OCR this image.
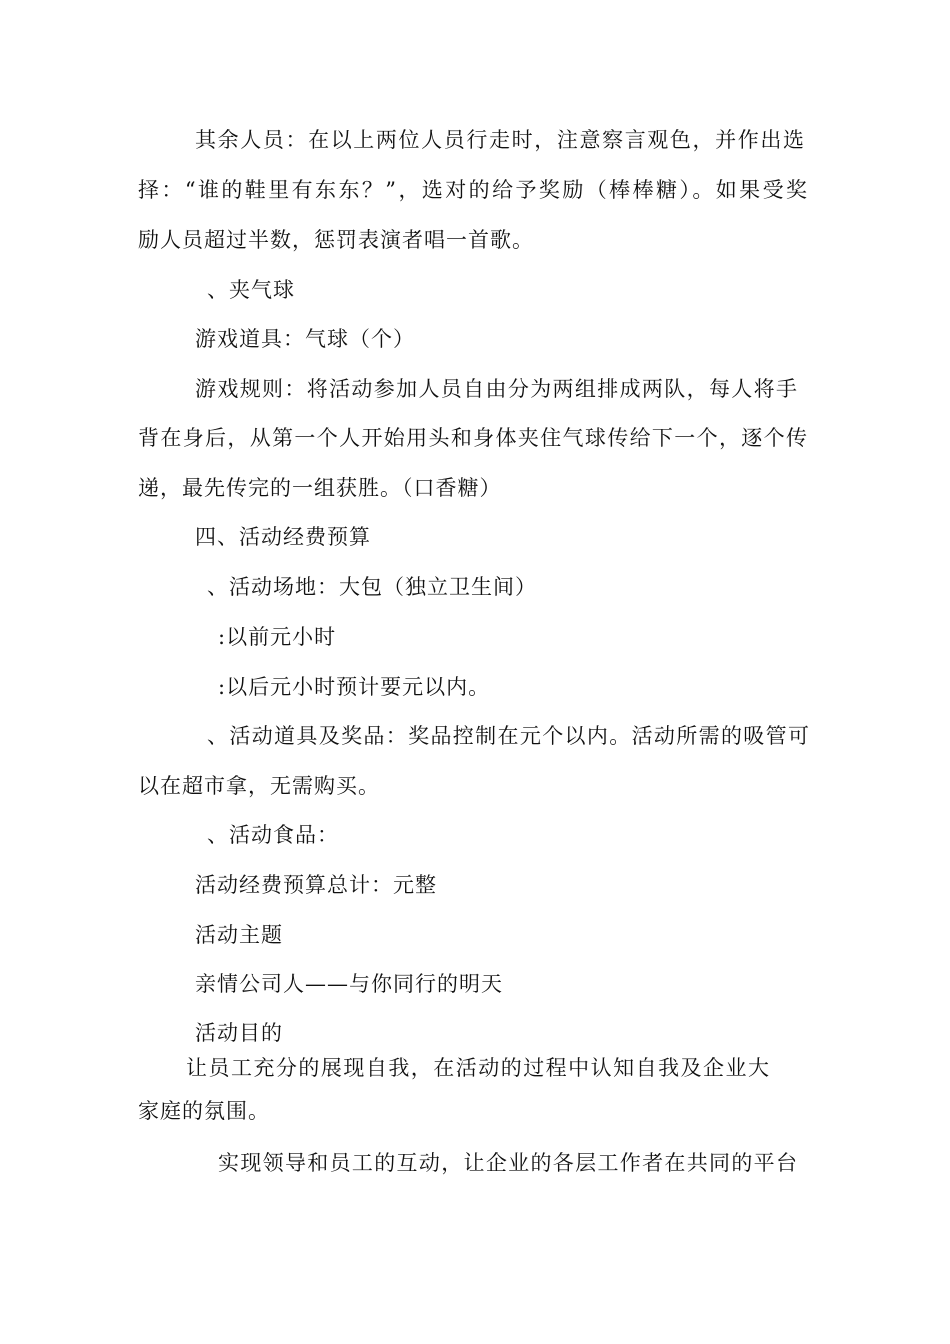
其余人员：在以上两位人员行走时，注意察言观色，并作出选
择：“谁的鞋里有东东？”，选对的给予奖励（棒棒糖）。如果受奖
励人员超过半数，惩罚表演者唱一首歌。
、夹气球
游戏道具：气球（个）
游戏规则：将活动参加人员自由分为两组排成两队，每人将手
背在身后，从第一个人开始用头和身体夹住气球传给下一个，逐个传
递，最先传完的一组获胜。（口香糖）
四、活动经费预算
、活动场地：大包（独立卫生间）
:以前元小时
:以后元小时预计要元以内。
、活动道具及奖品：奖品控制在元个以内。活动所需的吸管可
以在超市拿，无需购买。
、活动食品：
活动经费预算总计：元整
活动主题
亲情公司人——与你同行的明天
活动目的
让员工充分的展现自我，在活动的过程中认知自我及企业大
家庭的氛围。
实现领导和员工的互动，让企业的各层工作者在共同的平台
